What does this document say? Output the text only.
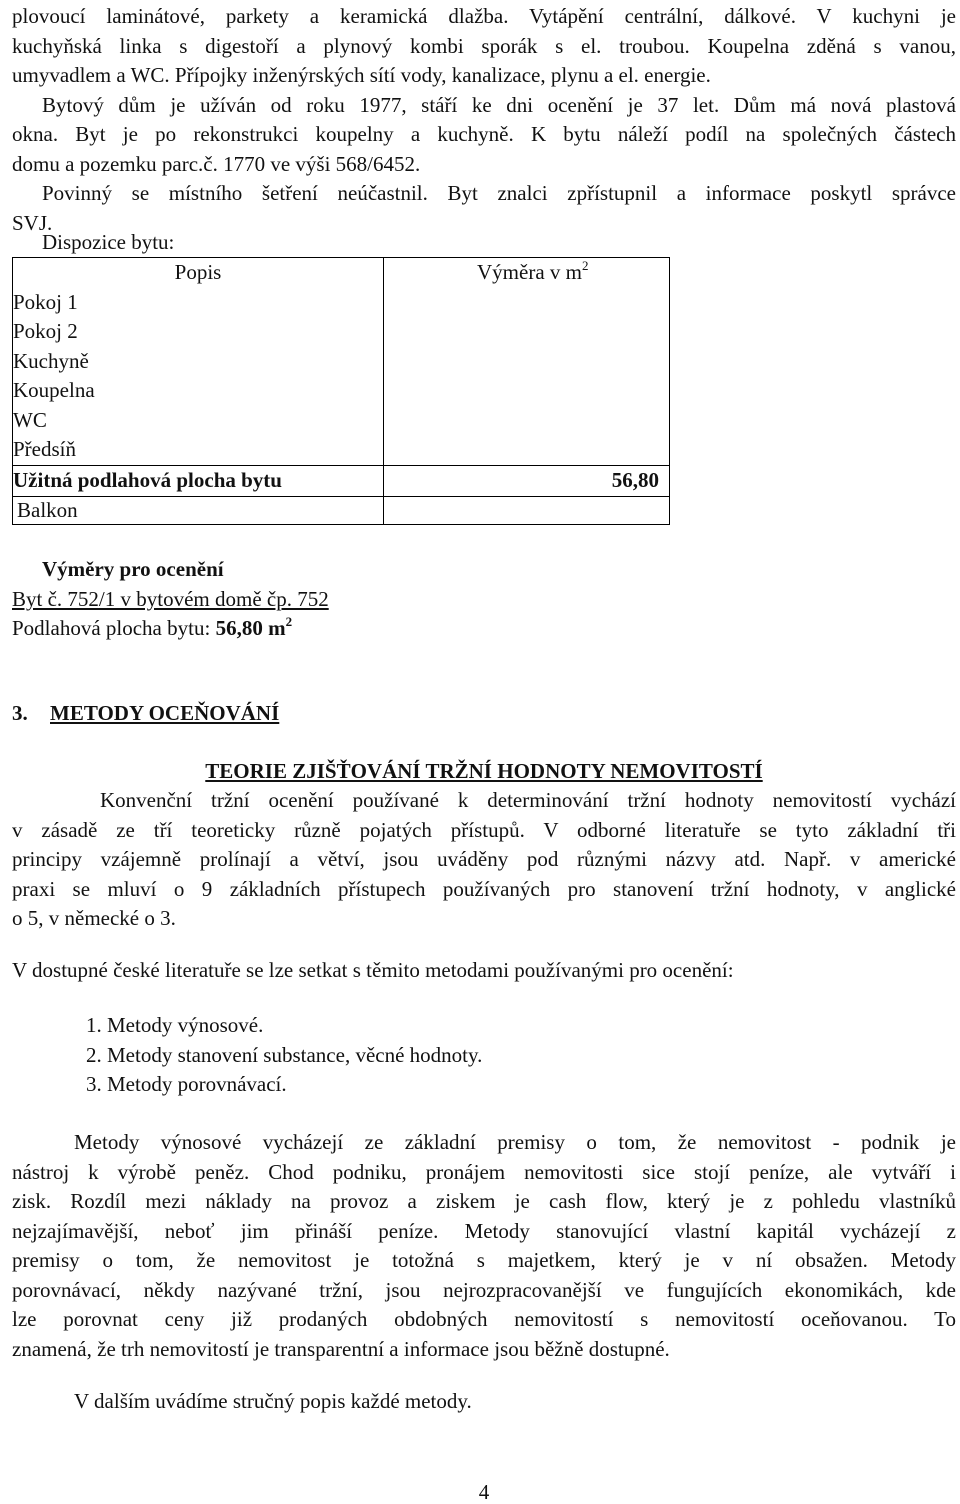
plovoucí laminátové, parkety a keramická dlažba. Vytápění centrální, dálkové. V kuchyni je

kuchyňská linka s digestoří a plynový kombi sporák s el. troubou. Koupelna zděná s vanou,

umyvadlem a WC. Přípojky inženýrských sítí vody, kanalizace, plynu a el. energie.

Bytový dům je užíván od roku 1977, stáří ke dni ocenění je 37 let. Dům má nová plastová

okna. Byt je po rekonstrukci koupelny a kuchyně. K bytu náleží podíl na společných částech

domu a pozemku parc.č. 1770 ve výši 568/6452.

Povinný se místního šetření neúčastnil. Byt znalci zpřístupnil a informace poskytl správce

SVJ.

Dispozice bytu:
Popis	Výměra v $m^2$
Pokoj 1
Pokoj 2
Kuchyně
Koupelna
WC
Předsíň
Užitná podlahová plocha bytu	56,80
Balkon
Výměry pro ocenění
Byt č. 752/1 v bytovém domě čp. 752
Podlahová plocha bytu: 56,80 $m^2$
3. METODY OCEŇOVÁNÍ
TEORIE ZJIŠŤOVÁNÍ TRŽNÍ HODNOTY NEMOVITOSTÍ

Konvenční tržní ocenění používané k determinování tržní hodnoty nemovitostí vychází

v zásadě ze tří teoreticky různě pojatých přístupů. V odborné literatuře se tyto základní tři

principy vzájemně prolínají a větví, jsou uváděny pod různými názvy atd. Např. v americké

praxi se mluví o 9 základních přístupech používaných pro stanovení tržní hodnoty, v anglické

o 5, v německé o 3.

V dostupné české literatuře se lze setkat s těmito metodami používanými pro ocenění:
1. Metody výnosové.
2. Metody stanovení substance, věcné hodnoty.
3. Metody porovnávací.

Metody výnosové vycházejí ze základní premisy o tom, že nemovitost - podnik je

nástroj k výrobě peněz. Chod podniku, pronájem nemovitosti sice stojí peníze, ale vytváří i

zisk. Rozdíl mezi náklady na provoz a ziskem je cash flow, který je z pohledu vlastníků

nejzajímavější, neboť jim přináší peníze. Metody stanovující vlastní kapitál vycházejí z

premisy o tom, že nemovitost je totožná s majetkem, který je v ní obsažen. Metody

porovnávací, někdy nazývané tržní, jsou nejrozpracovanější ve fungujících ekonomikách, kde

lze porovnat ceny již prodaných obdobných nemovitostí s nemovitostí oceňovanou. To

znamená, že trh nemovitostí je transparentní a informace jsou běžně dostupné.

V dalším uvádíme stručný popis každé metody.
4
